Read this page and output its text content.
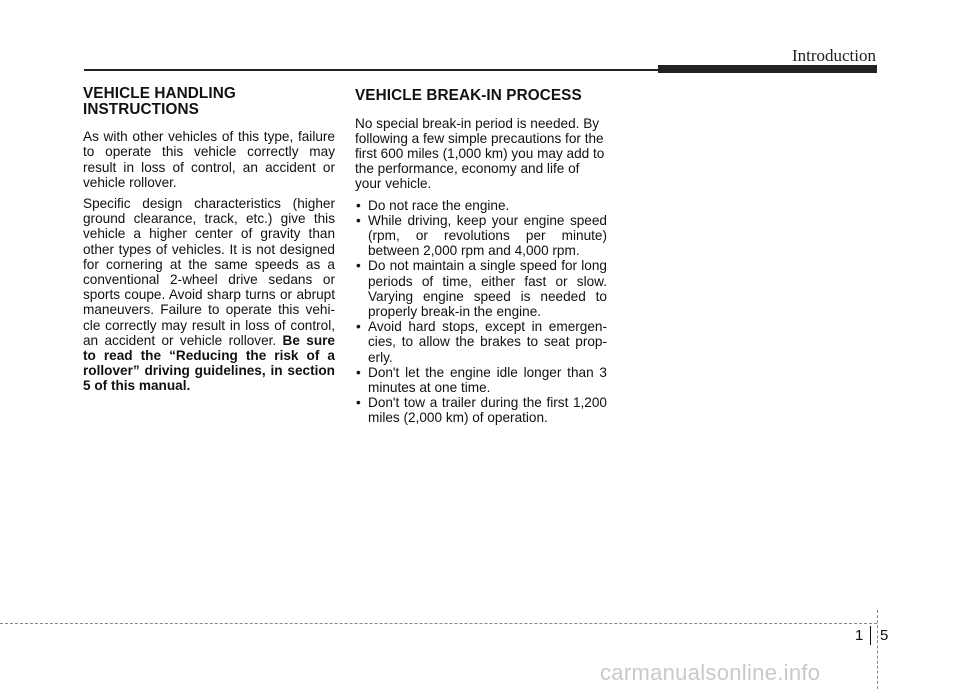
Introduction
VEHICLE HANDLING
INSTRUCTIONS

As with other vehicles of this type, failure to operate this vehicle correctly may result in loss of control, an accident or vehicle rollover.

Specific design characteristics (higher ground clearance, track, etc.) give this vehicle a higher center of gravity than other types of vehicles. It is not designed for cornering at the same speeds as a conventional 2-wheel drive sedans or sports coupe. Avoid sharp turns or abrupt maneuvers. Failure to operate this vehi-cle correctly may result in loss of control, an accident or vehicle rollover. Be sure to read the “Reducing the risk of a rollover” driving guidelines, in section 5 of this manual.

VEHICLE BREAK-IN PROCESS

No special break-in period is needed. By following a few simple precautions for the first 600 miles (1,000 km) you may add to the performance, economy and life of your vehicle.

• Do not race the engine.
• While driving, keep your engine speed (rpm, or revolutions per minute) between 2,000 rpm and 4,000 rpm.
• Do not maintain a single speed for long periods of time, either fast or slow. Varying engine speed is needed to properly break-in the engine.
• Avoid hard stops, except in emergen-cies, to allow the brakes to seat prop-erly.
• Don't let the engine idle longer than 3 minutes at one time.
• Don't tow a trailer during the first 1,200 miles (2,000 km) of operation.
1 5
carmanualsonline.info
